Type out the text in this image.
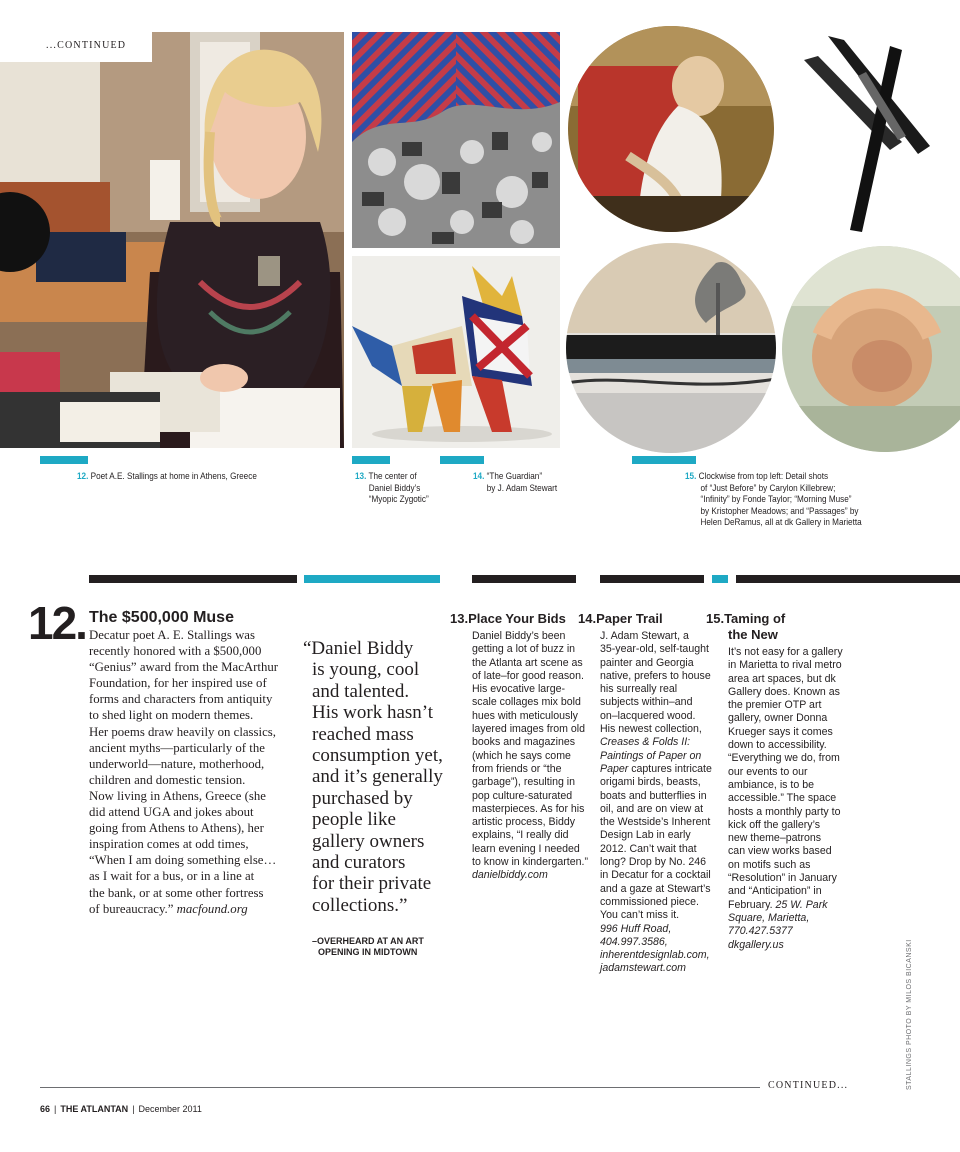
...CONTINUED
12. Poet A.E. Stallings at home in Athens, Greece	13. The center of
Daniel Biddy’s
“Myopic Zygotic”
14. “The Guardian”
by J. Adam Stewart
15. Clockwise from top left: Detail shots
of “Just Before” by Carylon Killebrew;
“Infinity” by Fonde Taylor; “Morning Muse”
by Kristopher Meadows; and “Passages” by
Helen DeRamus, all at dk Gallery in Marietta
12. The $500,000 Muse
Decatur poet A. E. Stallings was
recently honored with a $500,000
“Genius” award from the MacArthur
Foundation, for her inspired use of
forms and characters from antiquity
to shed light on modern themes.
Her poems draw heavily on classics,
ancient myths—particularly of the
underworld—nature, motherhood,
children and domestic tension.
Now living in Athens, Greece (she
did attend UGA and jokes about
going from Athens to Athens), her
inspiration comes at odd times,
“When I am doing something else…
as I wait for a bus, or in a line at
the bank, or at some other fortress
of bureaucracy.” macfound.org
“Daniel Biddy
is young, cool
and talented.
His work hasn’t
reached mass
consumption yet,
and it’s generally
purchased by
people like
gallery owners
and curators
for their private
collections.”
–OVERHEARD AT AN ART
OPENING IN MIDTOWN
13.Place Your Bids
Daniel Biddy’s been
getting a lot of buzz in
the Atlanta art scene as
of late–for good reason.
His evocative large-
scale collages mix bold
hues with meticulously
layered images from old
books and magazines
(which he says come
from friends or “the
garbage”), resulting in
pop culture-saturated
masterpieces. As for his
artistic process, Biddy
explains, “I really did
learn evening I needed
to know in kindergarten.”
danielbiddy.com
14.Paper Trail
J. Adam Stewart, a
35-year-old, self-taught
painter and Georgia
native, prefers to house
his surreally real
subjects within–and
on–lacquered wood.
His newest collection,
Creases & Folds II:
Paintings of Paper on
Paper captures intricate
origami birds, beasts,
boats and butterflies in
oil, and are on view at
the Westside’s Inherent
Design Lab in early
2012. Can’t wait that
long? Drop by No. 246
in Decatur for a cocktail
and a gaze at Stewart’s
commissioned piece.
You can’t miss it.
996 Huff Road,
404.997.3586,
inherentdesignlab.com,
jadamstewart.com
15.Taming of
the New
It’s not easy for a gallery
in Marietta to rival metro
area art spaces, but dk
Gallery does. Known as
the premier OTP art
gallery, owner Donna
Krueger says it comes
down to accessibility.
“Everything we do, from
our events to our
ambiance, is to be
accessible.” The space
hosts a monthly party to
kick off the gallery’s
new theme–patrons
can view works based
on motifs such as
“Resolution” in January
and “Anticipation” in
February. 25 W. Park
Square, Marietta,
770.427.5377
dkgallery.us
CONTINUED...
66 | THE ATLANTAN | December 2011
STALLINGS PHOTO BY MILOS BICANSKI
